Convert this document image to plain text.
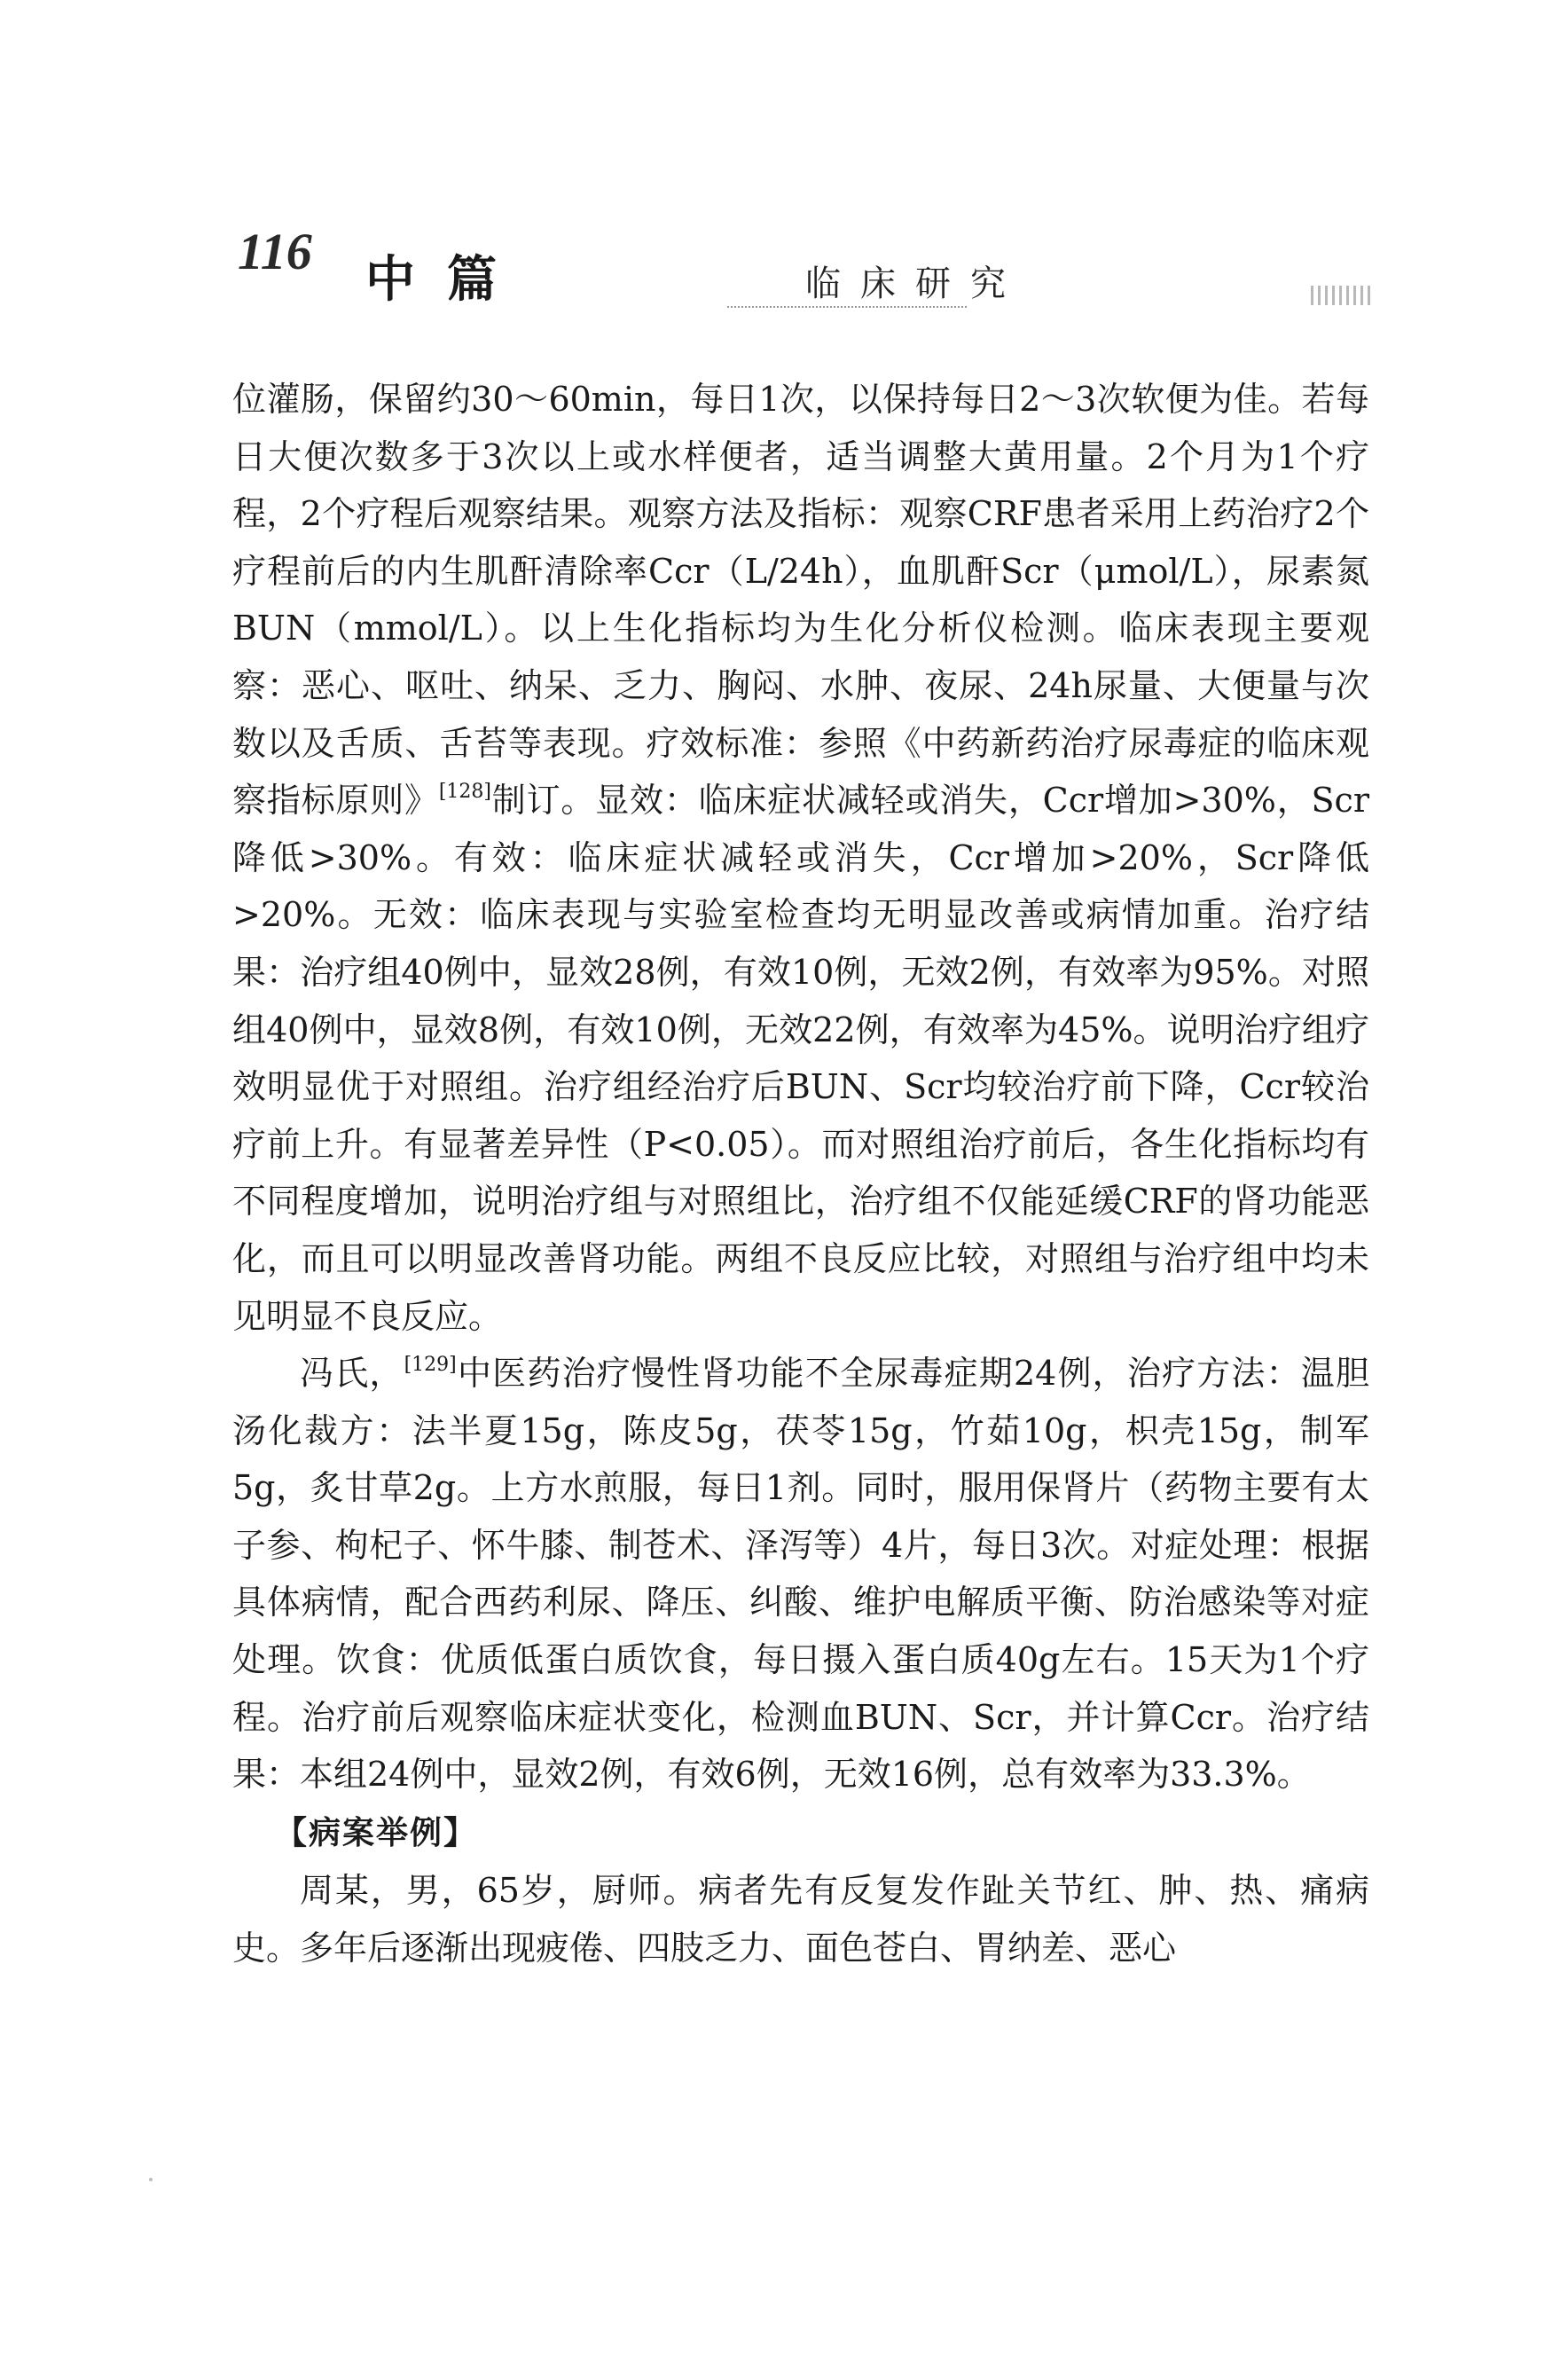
116 中篇	临床研究

位灌肠，保留约30～60min，每日1次，以保持每日2～3次软便为佳。若每日大便次数多于3次以上或水样便者，适当调整大黄用量。2个月为1个疗程，2个疗程后观察结果。观察方法及指标：观察CRF患者采用上药治疗2个疗程前后的内生肌酐清除率Ccr（L/24h），血肌酐Scr（μmol/L），尿素氮BUN（mmol/L）。以上生化指标均为生化分析仪检测。临床表现主要观察：恶心、呕吐、纳呆、乏力、胸闷、水肿、夜尿、24h尿量、大便量与次数以及舌质、舌苔等表现。疗效标准：参照《中药新药治疗尿毒症的临床观察指标原则》[128]制订。显效：临床症状减轻或消失，Ccr增加>30%，Scr降低>30%。有效：临床症状减轻或消失，Ccr增加>20%，Scr降低>20%。无效：临床表现与实验室检查均无明显改善或病情加重。治疗结果：治疗组40例中，显效28例，有效10例，无效2例，有效率为95%。对照组40例中，显效8例，有效10例，无效22例，有效率为45%。说明治疗组疗效明显优于对照组。治疗组经治疗后BUN、Scr均较治疗前下降，Ccr较治疗前上升。有显著差异性（P<0.05）。而对照组治疗前后，各生化指标均有不同程度增加，说明治疗组与对照组比，治疗组不仅能延缓CRF的肾功能恶化，而且可以明显改善肾功能。两组不良反应比较，对照组与治疗组中均未见明显不良反应。

冯氏，[129]中医药治疗慢性肾功能不全尿毒症期24例，治疗方法：温胆汤化裁方：法半夏15g，陈皮5g，茯苓15g，竹茹10g，枳壳15g，制军5g，炙甘草2g。上方水煎服，每日1剂。同时，服用保肾片（药物主要有太子参、枸杞子、怀牛膝、制苍术、泽泻等）4片，每日3次。对症处理：根据具体病情，配合西药利尿、降压、纠酸、维护电解质平衡、防治感染等对症处理。饮食：优质低蛋白质饮食，每日摄入蛋白质40g左右。15天为1个疗程。治疗前后观察临床症状变化，检测血BUN、Scr，并计算Ccr。治疗结果：本组24例中，显效2例，有效6例，无效16例，总有效率为33.3%。

【病案举例】

周某，男，65岁，厨师。病者先有反复发作趾关节红、肿、热、痛病史。多年后逐渐出现疲倦、四肢乏力、面色苍白、胃纳差、恶心
